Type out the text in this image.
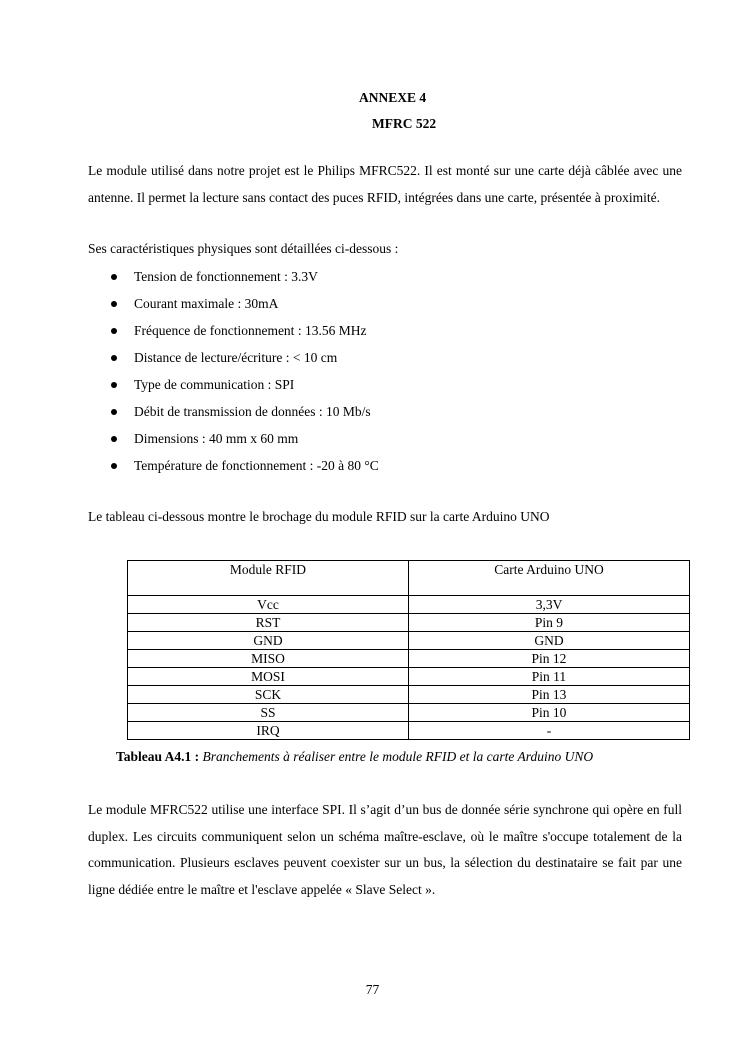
ANNEXE 4
MFRC 522

Le module utilisé dans notre projet est le Philips MFRC522. Il est monté sur une carte déjà câblée avec une antenne. Il permet la lecture sans contact des puces RFID, intégrées dans une carte, présentée à proximité.

Ses caractéristiques physiques sont détaillées ci-dessous :
Tension de fonctionnement : 3.3V
Courant maximale : 30mA
Fréquence de fonctionnement : 13.56 MHz
Distance de lecture/écriture : < 10 cm
Type de communication : SPI
Débit de transmission de données : 10 Mb/s
Dimensions : 40 mm x 60 mm
Température de fonctionnement : -20 à 80 °C
Le tableau ci-dessous montre le brochage du module RFID sur la carte Arduino UNO
Module RFID	Carte Arduino UNO
Vcc	3,3V
RST	Pin 9
GND	GND
MISO	Pin 12
MOSI	Pin 11
SCK	Pin 13
SS	Pin 10
IRQ	-
Tableau A4.1 : Branchements à réaliser entre le module RFID et la carte Arduino UNO

Le module MFRC522 utilise une interface SPI. Il s’agit d’un bus de donnée série synchrone qui opère en full duplex. Les circuits communiquent selon un schéma maître-esclave, où le maître s'occupe totalement de la communication. Plusieurs esclaves peuvent coexister sur un bus, la sélection du destinataire se fait par une ligne dédiée entre le maître et l'esclave appelée « Slave Select ».

77
